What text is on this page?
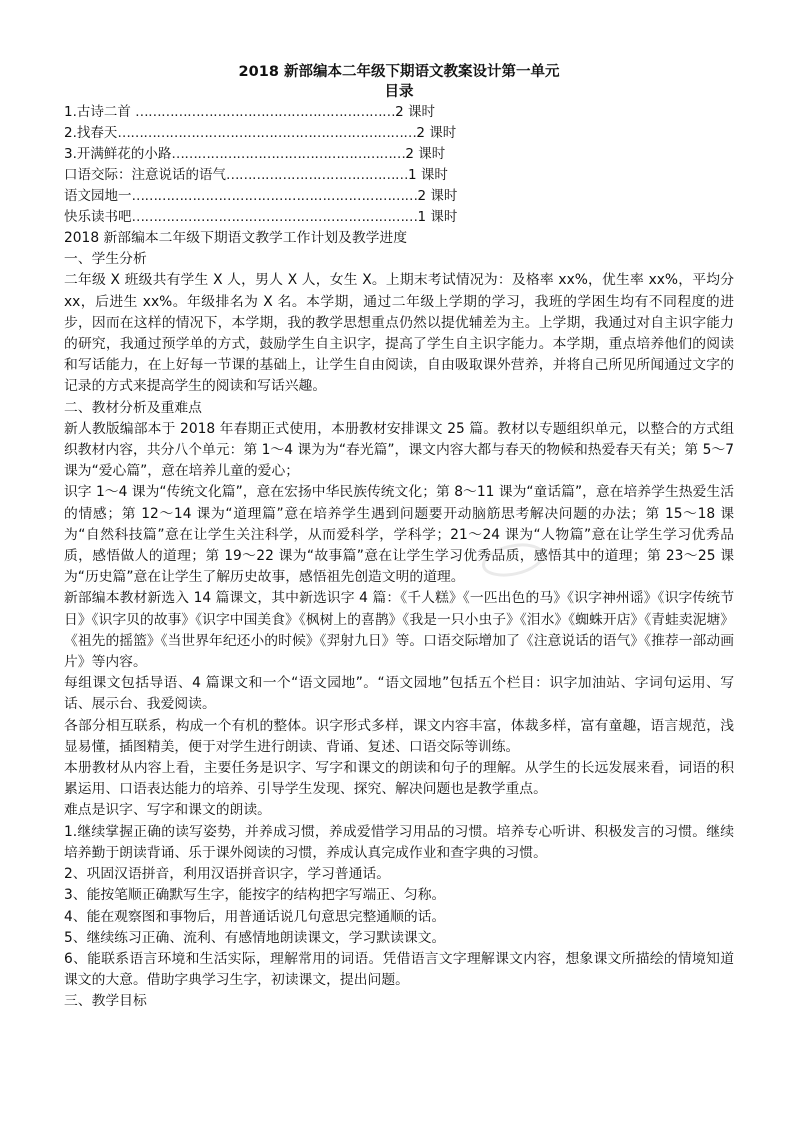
2018 新部编本二年级下期语文教案设计第一单元
目录
1.古诗二首 ……………………………………………………2 课时
2.找春天……………………………………………………………2 课时
3.开满鲜花的小路………………………………………………2 课时
口语交际：注意说话的语气……………………………………1 课时
语文园地一…………………………………………………………2 课时
快乐读书吧…………………………………………………………1 课时
2018 新部编本二年级下期语文教学工作计划及教学进度
一、学生分析
二年级 X 班级共有学生 X 人，男人 X 人，女生 X。上期末考试情况为：及格率 xx%，优生率 xx%，平均分 xx，后进生 xx%。年级排名为 X 名。本学期，通过二年级上学期的学习，我班的学困生均有不同程度的进步，因而在这样的情况下，本学期，我的教学思想重点仍然以提优辅差为主。上学期，我通过对自主识字能力的研究，我通过预学单的方式，鼓励学生自主识字，提高了学生自主识字能力。本学期，重点培养他们的阅读和写话能力，在上好每一节课的基础上，让学生自由阅读，自由吸取课外营养，并将自己所见所闻通过文字的记录的方式来提高学生的阅读和写话兴趣。
二、教材分析及重难点
新人教版编部本于 2018 年春期正式使用，本册教材安排课文 25 篇。教材以专题组织单元，以整合的方式组织教材内容，共分八个单元：第 1～4 课为为“春光篇”，课文内容大都与春天的物候和热爱春天有关；第 5～7 课为“爱心篇”，意在培养儿童的爱心；
识字 1～4 课为“传统文化篇”，意在宏扬中华民族传统文化；第 8～11 课为“童话篇”，意在培养学生热爱生活的情感；第 12～14 课为“道理篇”意在培养学生遇到问题要开动脑筋思考解决问题的办法；第 15～18 课为“自然科技篇”意在让学生关注科学，从而爱科学，学科学；21～24 课为“人物篇”意在让学生学习优秀品质，感悟做人的道理；第 19～22 课为“故事篇”意在让学生学习优秀品质，感悟其中的道理；第 23～25 课为“历史篇”意在让学生了解历史故事，感悟祖先创造文明的道理。
新部编本教材新选入 14 篇课文，其中新选识字 4 篇：《千人糕》《一匹出色的马》《识字神州谣》《识字传统节日》《识字贝的故事》《识字中国美食》《枫树上的喜鹊》《我是一只小虫子》《泪水》《蜘蛛开店》《青蛙卖泥塘》《祖先的摇篮》《当世界年纪还小的时候》《羿射九日》等。口语交际增加了《注意说话的语气》《推荐一部动画片》等内容。
每组课文包括导语、4 篇课文和一个“语文园地”。“语文园地”包括五个栏目：识字加油站、字词句运用、写话、展示台、我爱阅读。
各部分相互联系，构成一个有机的整体。识字形式多样，课文内容丰富，体裁多样，富有童趣，语言规范，浅显易懂，插图精美，便于对学生进行朗读、背诵、复述、口语交际等训练。
本册教材从内容上看，主要任务是识字、写字和课文的朗读和句子的理解。从学生的长远发展来看，词语的积累运用、口语表达能力的培养、引导学生发现、探究、解决问题也是教学重点。
难点是识字、写字和课文的朗读。
1.继续掌握正确的读写姿势，并养成习惯，养成爱惜学习用品的习惯。培养专心听讲、积极发言的习惯。继续培养勤于朗读背诵、乐于课外阅读的习惯，养成认真完成作业和查字典的习惯。
2、巩固汉语拼音，利用汉语拼音识字，学习普通话。
3、能按笔顺正确默写生字，能按字的结构把字写端正、匀称。
4、能在观察图和事物后，用普通话说几句意思完整通顺的话。
5、继续练习正确、流利、有感情地朗读课文，学习默读课文。
6、能联系语言环境和生活实际，理解常用的词语。凭借语言文字理解课文内容，想象课文所描绘的情境知道课文的大意。借助字典学习生字，初读课文，提出问题。
三、教学目标
